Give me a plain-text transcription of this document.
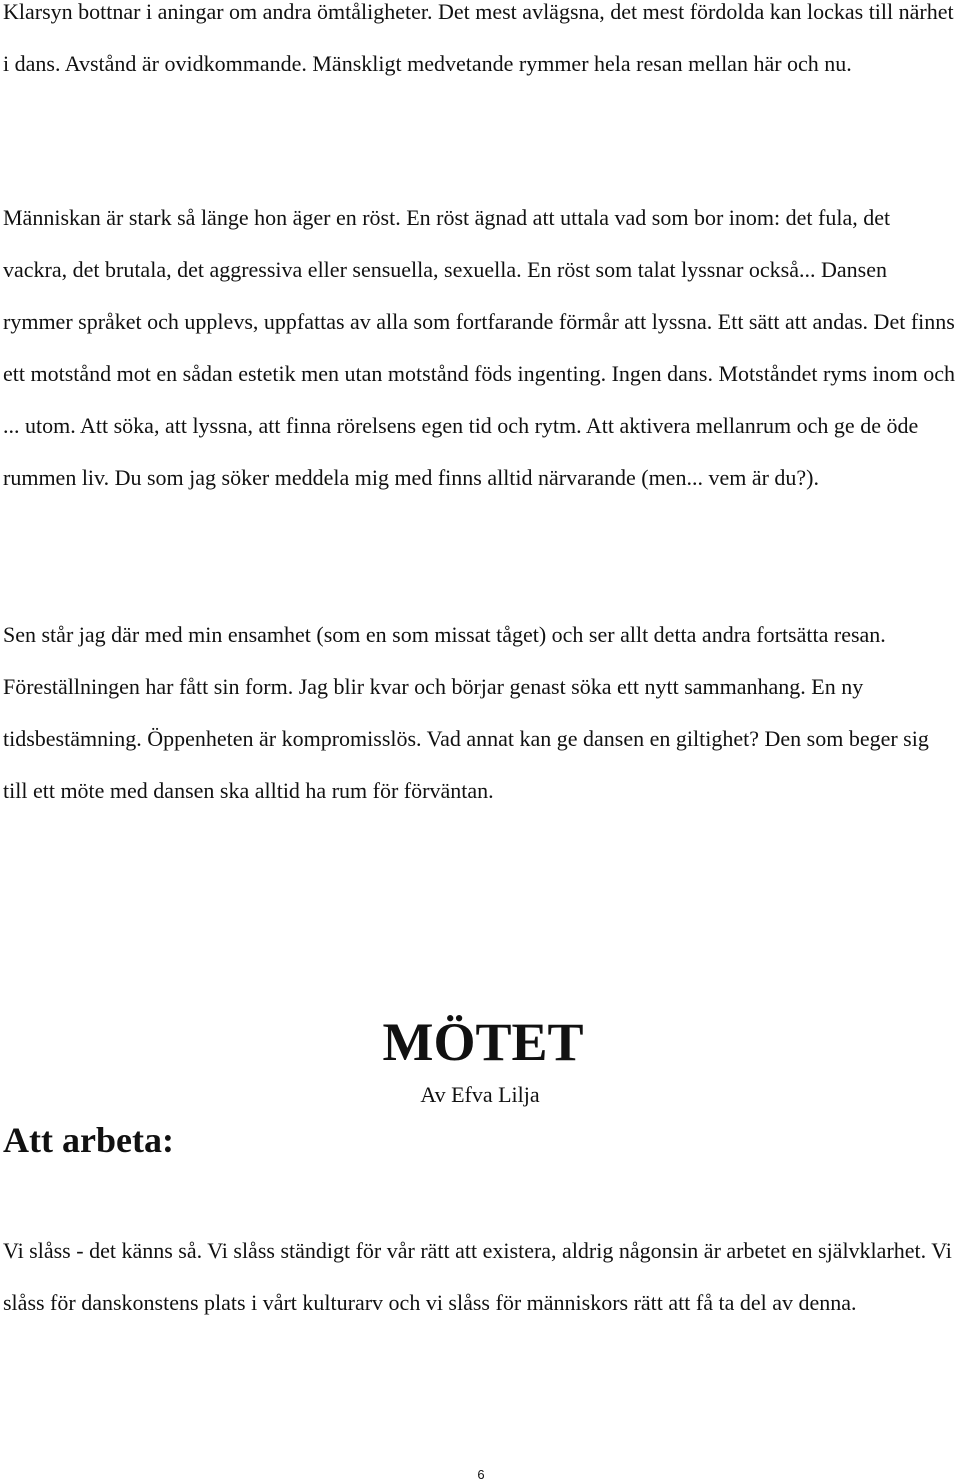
Klarsyn bottnar i aningar om andra ömtåligheter. Det mest avlägsna, det mest fördolda kan lockas till närhet i dans. Avstånd är ovidkommande. Mänskligt medvetande rymmer hela resan mellan här och nu.

Människan är stark så länge hon äger en röst. En röst ägnad att uttala vad som bor inom: det fula, det vackra, det brutala, det aggressiva eller sensuella, sexuella. En röst som talat lyssnar också... Dansen rymmer språket och upplevs, uppfattas av alla som fortfarande förmår att lyssna. Ett sätt att andas. Det finns ett motstånd mot en sådan estetik men utan motstånd föds ingenting. Ingen dans. Motståndet ryms inom och ... utom. Att söka, att lyssna, att finna rörelsens egen tid och rytm. Att aktivera mellanrum och ge de öde rummen liv. Du som jag söker meddela mig med finns alltid närvarande (men... vem är du?).

Sen står jag där med min ensamhet (som en som missat tåget) och ser allt detta andra fortsätta resan. Föreställningen har fått sin form. Jag blir kvar och börjar genast söka ett nytt sammanhang. En ny tidsbestämning. Öppenheten är kompromisslös. Vad annat kan ge dansen en giltighet? Den som beger sig till ett möte med dansen ska alltid ha rum för förväntan.

MÖTET
Av Efva Lilja
Att arbeta:

Vi slåss - det känns så. Vi slåss ständigt för vår rätt att existera, aldrig någonsin är arbetet en självklarhet. Vi slåss för danskonstens plats i vårt kulturarv och vi slåss för människors rätt att få ta del av denna.

6
